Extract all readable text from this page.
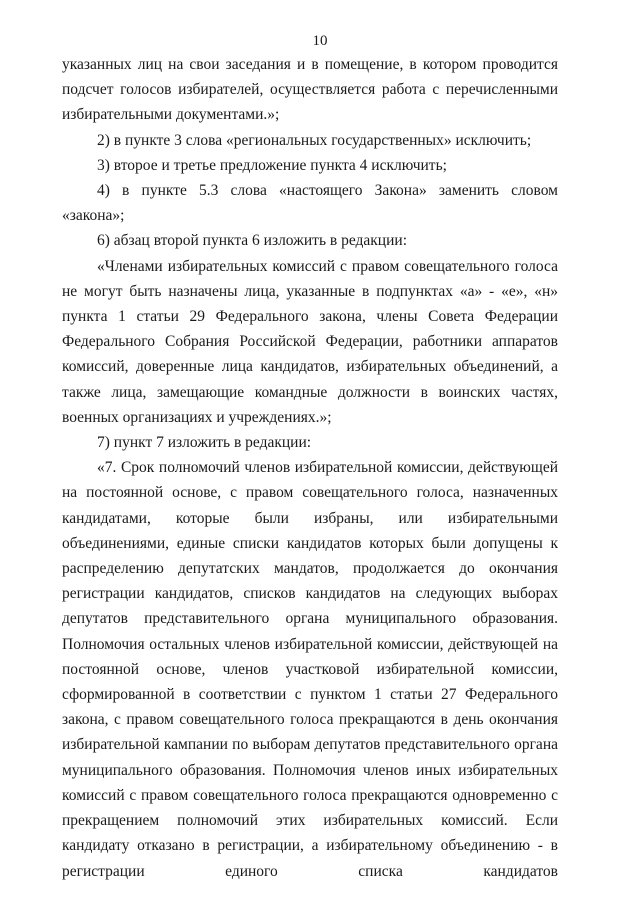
10

указанных лиц на свои заседания и в помещение, в котором проводится подсчет голосов избирателей, осуществляется работа с перечисленными избирательными документами.»;

2) в пункте 3 слова «региональных государственных» исключить;

3) второе и третье предложение пункта 4 исключить;

4) в пункте 5.3 слова «настоящего Закона» заменить словом «закона»;

6) абзац второй пункта 6 изложить в редакции:

«Членами избирательных комиссий с правом совещательного голоса не могут быть назначены лица, указанные в подпунктах «а» - «е», «н» пункта 1 статьи 29 Федерального закона, члены Совета Федерации Федерального Собрания Российской Федерации, работники аппаратов комиссий, доверенные лица кандидатов, избирательных объединений, а также лица, замещающие командные должности в воинских частях, военных организациях и учреждениях.»;

7) пункт 7 изложить в редакции:

«7. Срок полномочий членов избирательной комиссии, действующей на постоянной основе, с правом совещательного голоса, назначенных кандидатами, которые были избраны, или избирательными объединениями, единые списки кандидатов которых были допущены к распределению депутатских мандатов, продолжается до окончания регистрации кандидатов, списков кандидатов на следующих выборах депутатов представительного органа муниципального образования. Полномочия остальных членов избирательной комиссии, действующей на постоянной основе, членов участковой избирательной комиссии, сформированной в соответствии с пунктом 1 статьи 27 Федерального закона, с правом совещательного голоса прекращаются в день окончания избирательной кампании по выборам депутатов представительного органа муниципального образования. Полномочия членов иных избирательных комиссий с правом совещательного голоса прекращаются одновременно с прекращением полномочий этих избирательных комиссий. Если кандидату отказано в регистрации, а избирательному объединению - в регистрации единого списка кандидатов
